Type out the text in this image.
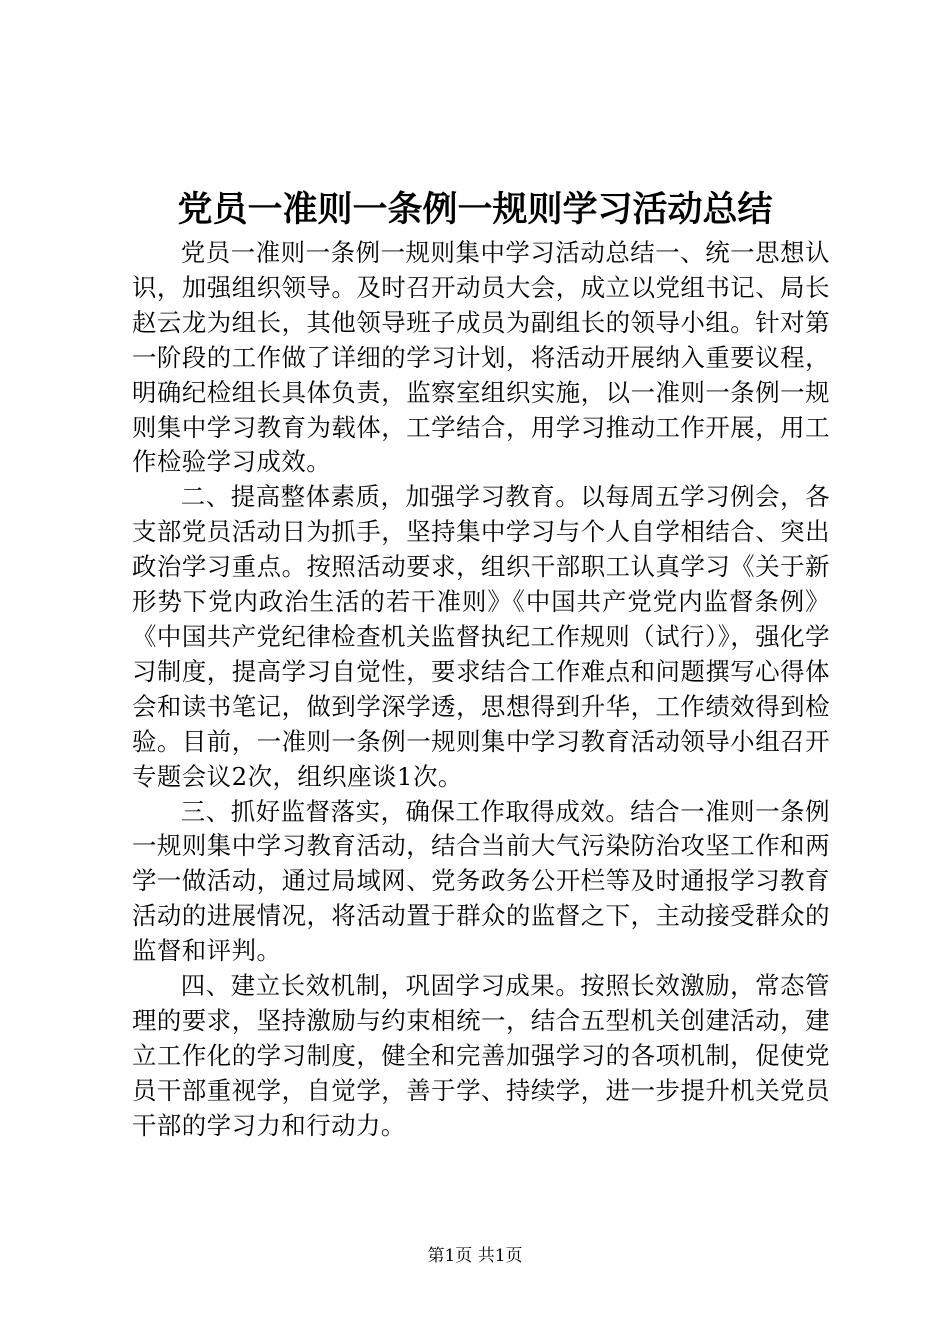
党员一准则一条例一规则学习活动总结

党员一准则一条例一规则集中学习活动总结一、统一思想认识，加强组织领导。及时召开动员大会，成立以党组书记、局长赵云龙为组长，其他领导班子成员为副组长的领导小组。针对第一阶段的工作做了详细的学习计划，将活动开展纳入重要议程，明确纪检组长具体负责，监察室组织实施，以一准则一条例一规则集中学习教育为载体，工学结合，用学习推动工作开展，用工作检验学习成效。

二、提高整体素质，加强学习教育。以每周五学习例会，各支部党员活动日为抓手，坚持集中学习与个人自学相结合、突出政治学习重点。按照活动要求，组织干部职工认真学习《关于新形势下党内政治生活的若干准则》《中国共产党党内监督条例》《中国共产党纪律检查机关监督执纪工作规则（试行）》，强化学习制度，提高学习自觉性，要求结合工作难点和问题撰写心得体会和读书笔记，做到学深学透，思想得到升华，工作绩效得到检验。目前，一准则一条例一规则集中学习教育活动领导小组召开专题会议2次，组织座谈1次。

三、抓好监督落实，确保工作取得成效。结合一准则一条例一规则集中学习教育活动，结合当前大气污染防治攻坚工作和两学一做活动，通过局域网、党务政务公开栏等及时通报学习教育活动的进展情况，将活动置于群众的监督之下，主动接受群众的监督和评判。

四、建立长效机制，巩固学习成果。按照长效激励，常态管理的要求，坚持激励与约束相统一，结合五型机关创建活动，建立工作化的学习制度，健全和完善加强学习的各项机制，促使党员干部重视学，自觉学，善于学、持续学，进一步提升机关党员干部的学习力和行动力。

第1页 共1页
